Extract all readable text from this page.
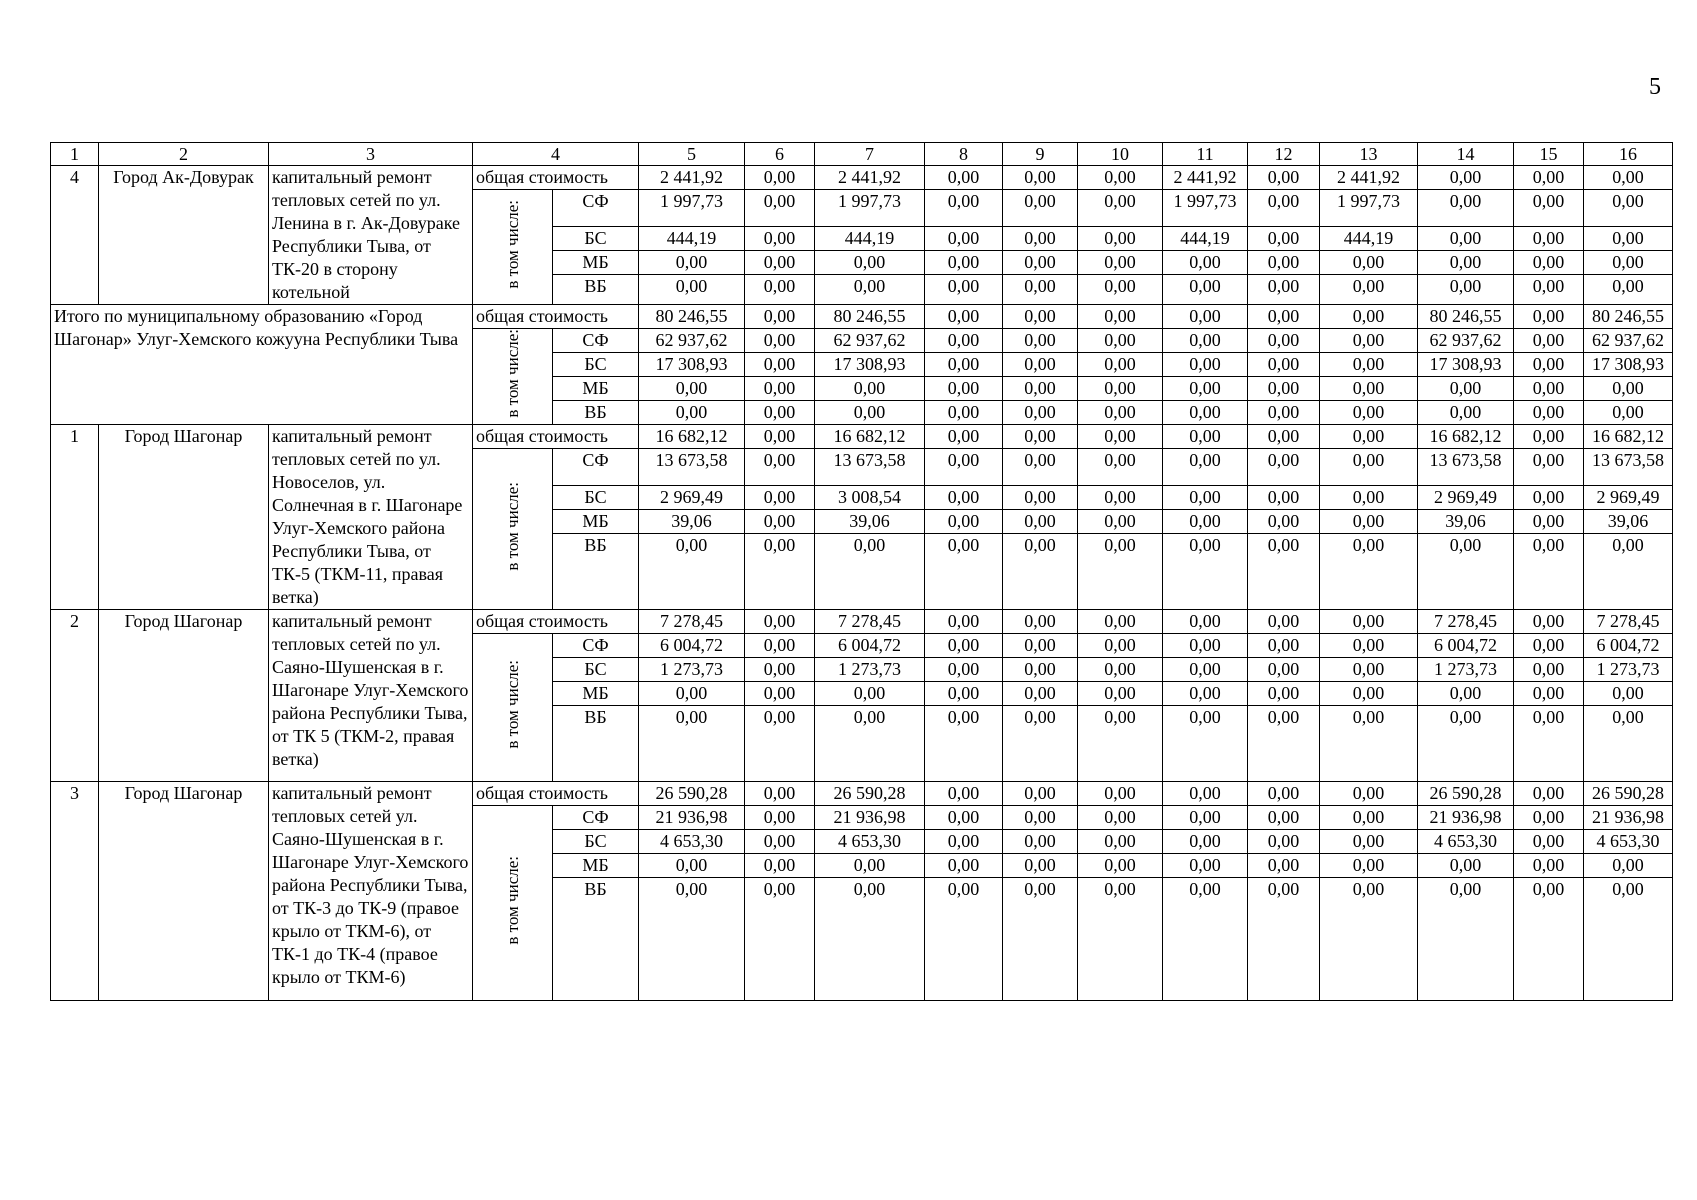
5
1	2	3	4		5	6	7	8	9	10	11	12	13	14	15	16
4	Город Ак-Довурак	капитальный ремонт тепловых сетей по ул. Ленина в г. Ак-Довураке Республики Тыва, от ТК-20 в сторону котельной	общая стоимость		2 441,92	0,00	2 441,92	0,00	0,00	0,00	2 441,92	0,00	2 441,92	0,00	0,00	0,00
			в том числе:	СФ	1 997,73	0,00	1 997,73	0,00	0,00	0,00	1 997,73	0,00	1 997,73	0,00	0,00	0,00
				БС	444,19	0,00	444,19	0,00	0,00	0,00	444,19	0,00	444,19	0,00	0,00	0,00
				МБ	0,00	0,00	0,00	0,00	0,00	0,00	0,00	0,00	0,00	0,00	0,00	0,00
				ВБ	0,00	0,00	0,00	0,00	0,00	0,00	0,00	0,00	0,00	0,00	0,00	0,00
Итого по муниципальному образованию «Город Шагонар» Улуг-Хемского кожууна Республики Тыва			общая стоимость		80 246,55	0,00	80 246,55	0,00	0,00	0,00	0,00	0,00	0,00	80 246,55	0,00	80 246,55
			в том числе:	СФ	62 937,62	0,00	62 937,62	0,00	0,00	0,00	0,00	0,00	0,00	62 937,62	0,00	62 937,62
				БС	17 308,93	0,00	17 308,93	0,00	0,00	0,00	0,00	0,00	0,00	17 308,93	0,00	17 308,93
				МБ	0,00	0,00	0,00	0,00	0,00	0,00	0,00	0,00	0,00	0,00	0,00	0,00
				ВБ	0,00	0,00	0,00	0,00	0,00	0,00	0,00	0,00	0,00	0,00	0,00	0,00
1	Город Шагонар	капитальный ремонт тепловых сетей по ул. Новоселов, ул. Солнечная в г. Шагонаре Улуг-Хемского района Республики Тыва, от ТК-5 (ТКМ-11, правая ветка)	общая стоимость		16 682,12	0,00	16 682,12	0,00	0,00	0,00	0,00	0,00	0,00	16 682,12	0,00	16 682,12
			в том числе:	СФ	13 673,58	0,00	13 673,58	0,00	0,00	0,00	0,00	0,00	0,00	13 673,58	0,00	13 673,58
				БС	2 969,49	0,00	3 008,54	0,00	0,00	0,00	0,00	0,00	0,00	2 969,49	0,00	2 969,49
				МБ	39,06	0,00	39,06	0,00	0,00	0,00	0,00	0,00	0,00	39,06	0,00	39,06
				ВБ	0,00	0,00	0,00	0,00	0,00	0,00	0,00	0,00	0,00	0,00	0,00	0,00
2	Город Шагонар	капитальный ремонт тепловых сетей по ул. Саяно-Шушенская в г. Шагонаре Улуг-Хемского района Республики Тыва, от ТК 5 (ТКМ-2, правая ветка)	общая стоимость		7 278,45	0,00	7 278,45	0,00	0,00	0,00	0,00	0,00	0,00	7 278,45	0,00	7 278,45
			в том числе:	СФ	6 004,72	0,00	6 004,72	0,00	0,00	0,00	0,00	0,00	0,00	6 004,72	0,00	6 004,72
				БС	1 273,73	0,00	1 273,73	0,00	0,00	0,00	0,00	0,00	0,00	1 273,73	0,00	1 273,73
				МБ	0,00	0,00	0,00	0,00	0,00	0,00	0,00	0,00	0,00	0,00	0,00	0,00
				ВБ	0,00	0,00	0,00	0,00	0,00	0,00	0,00	0,00	0,00	0,00	0,00	0,00
3	Город Шагонар	капитальный ремонт тепловых сетей ул. Саяно-Шушенская в г. Шагонаре Улуг-Хемского района Республики Тыва, от ТК-3 до ТК-9 (правое крыло от ТКМ-6), от ТК-1 до ТК-4 (правое крыло от ТКМ-6)	общая стоимость		26 590,28	0,00	26 590,28	0,00	0,00	0,00	0,00	0,00	0,00	26 590,28	0,00	26 590,28
			в том числе:	СФ	21 936,98	0,00	21 936,98	0,00	0,00	0,00	0,00	0,00	0,00	21 936,98	0,00	21 936,98
				БС	4 653,30	0,00	4 653,30	0,00	0,00	0,00	0,00	0,00	0,00	4 653,30	0,00	4 653,30
				МБ	0,00	0,00	0,00	0,00	0,00	0,00	0,00	0,00	0,00	0,00	0,00	0,00
				ВБ	0,00	0,00	0,00	0,00	0,00	0,00	0,00	0,00	0,00	0,00	0,00	0,00
